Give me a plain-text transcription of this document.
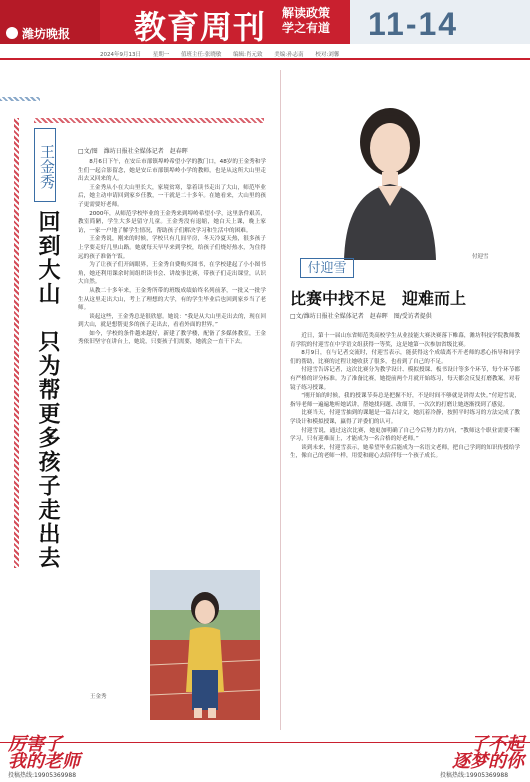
潍坊晚报 教育周刊 解读政策
学之有道	11-14
2024年9月13日 星期一 值班主任:张晓敏 编辑:肖元致 美编:孙志南 校对:刘馨
王金秀
回到大山　只为帮更多孩子走出去
□文/图　潍坊日报社全媒体记者　赵春晖

8月6日下午，在安丘市郚镇埠岭希望小学的教门口，48岁的王金秀和学生们一起合影留念，她是安丘市郚镇埠岭小学的教师，也是从这所大山里走出去又回来的人。

王金秀从小在大山里长大，家境贫寒，靠着读书走出了大山，师范毕业后，她主动申请回到家乡任教，一干就是二十多年。在她看来，大山里的孩子更需要好老师。

2000年，从师范学校毕业的王金秀来到埠岭希望小学，这里条件艰苦，教室简陋，学生大多是留守儿童。王金秀没有退缩，她白天上课，晚上家访，一家一户地了解学生情况，帮助孩子们解决学习和生活中的困难。

王金秀说，刚来的时候，学校只有几间平房，冬天冷夏天热，很多孩子上学要走好几里山路。她就每天早早来到学校，给孩子们烧好热水，为住得远的孩子准备午饭。

为了让孩子们开阔眼界，王金秀自费购买图书，在学校建起了小小图书角，她还利用课余时间组织读书会、讲故事比赛，带孩子们走出课堂，认识大自然。

从教二十多年来，王金秀所带的班级成绩始终名列前茅，一批又一批学生从这里走出大山，考上了理想的大学，有的学生毕业后也回到家乡当了老师。

谈起这些，王金秀总是很欣慰。她说：“我是从大山里走出去的，现在回到大山，就是想帮更多的孩子走出去，看看外面的世界。”

如今，学校的条件越来越好，新建了教学楼，配备了多媒体教室，王金秀依旧坚守在讲台上，她说，只要孩子们需要，她就会一直干下去。

王金秀
付迎雪
付迎雪
比赛中找不足　迎难而上
□文/潍坊日报社全媒体记者　赵春晖　图/受访者提供

近日，第十一届山东省师范类高校学生从业技能大赛决赛落下帷幕，潍坊科技学院教师教育学院的付迎雪在中学语文组获得一等奖，这是她第一次参加省级比赛。

8月9日，在与记者交流时，付迎雪表示，能获得这个成绩离不开老师的悉心指导和同学们的帮助，比赛的过程让她收获了很多，也看到了自己的不足。

付迎雪告诉记者，这次比赛分为教学设计、模拟授课、板书设计等多个环节，每个环节都有严格的评分标准。为了准备比赛，她提前两个月就开始练习，每天都会反复打磨教案，对着镜子练习授课。

“刚开始的时候，我的授课节奏总是把握不好，不是时间不够就是讲得太快。”付迎雪说，指导老师一遍遍地听她试讲，帮她找问题、改细节，一次次的打磨让她逐渐找到了感觉。

比赛当天，付迎雪抽到的课题是一篇古诗文，她沉着冷静，按照平时练习的方法完成了教学设计和模拟授课，赢得了评委们的认可。

付迎雪说，通过这次比赛，她更加明确了自己今后努力的方向，“教师这个职业需要不断学习，只有迎难而上，才能成为一名合格的好老师。”

谈到未来，付迎雪表示，她希望毕业后能成为一名语文老师，把自己学到的知识传授给学生，像自己的老师一样，用爱和耐心去陪伴每一个孩子成长。

厉害了
我的老师
投稿热线:19905369988
了不起
逐梦的你
投稿热线:19905369988
